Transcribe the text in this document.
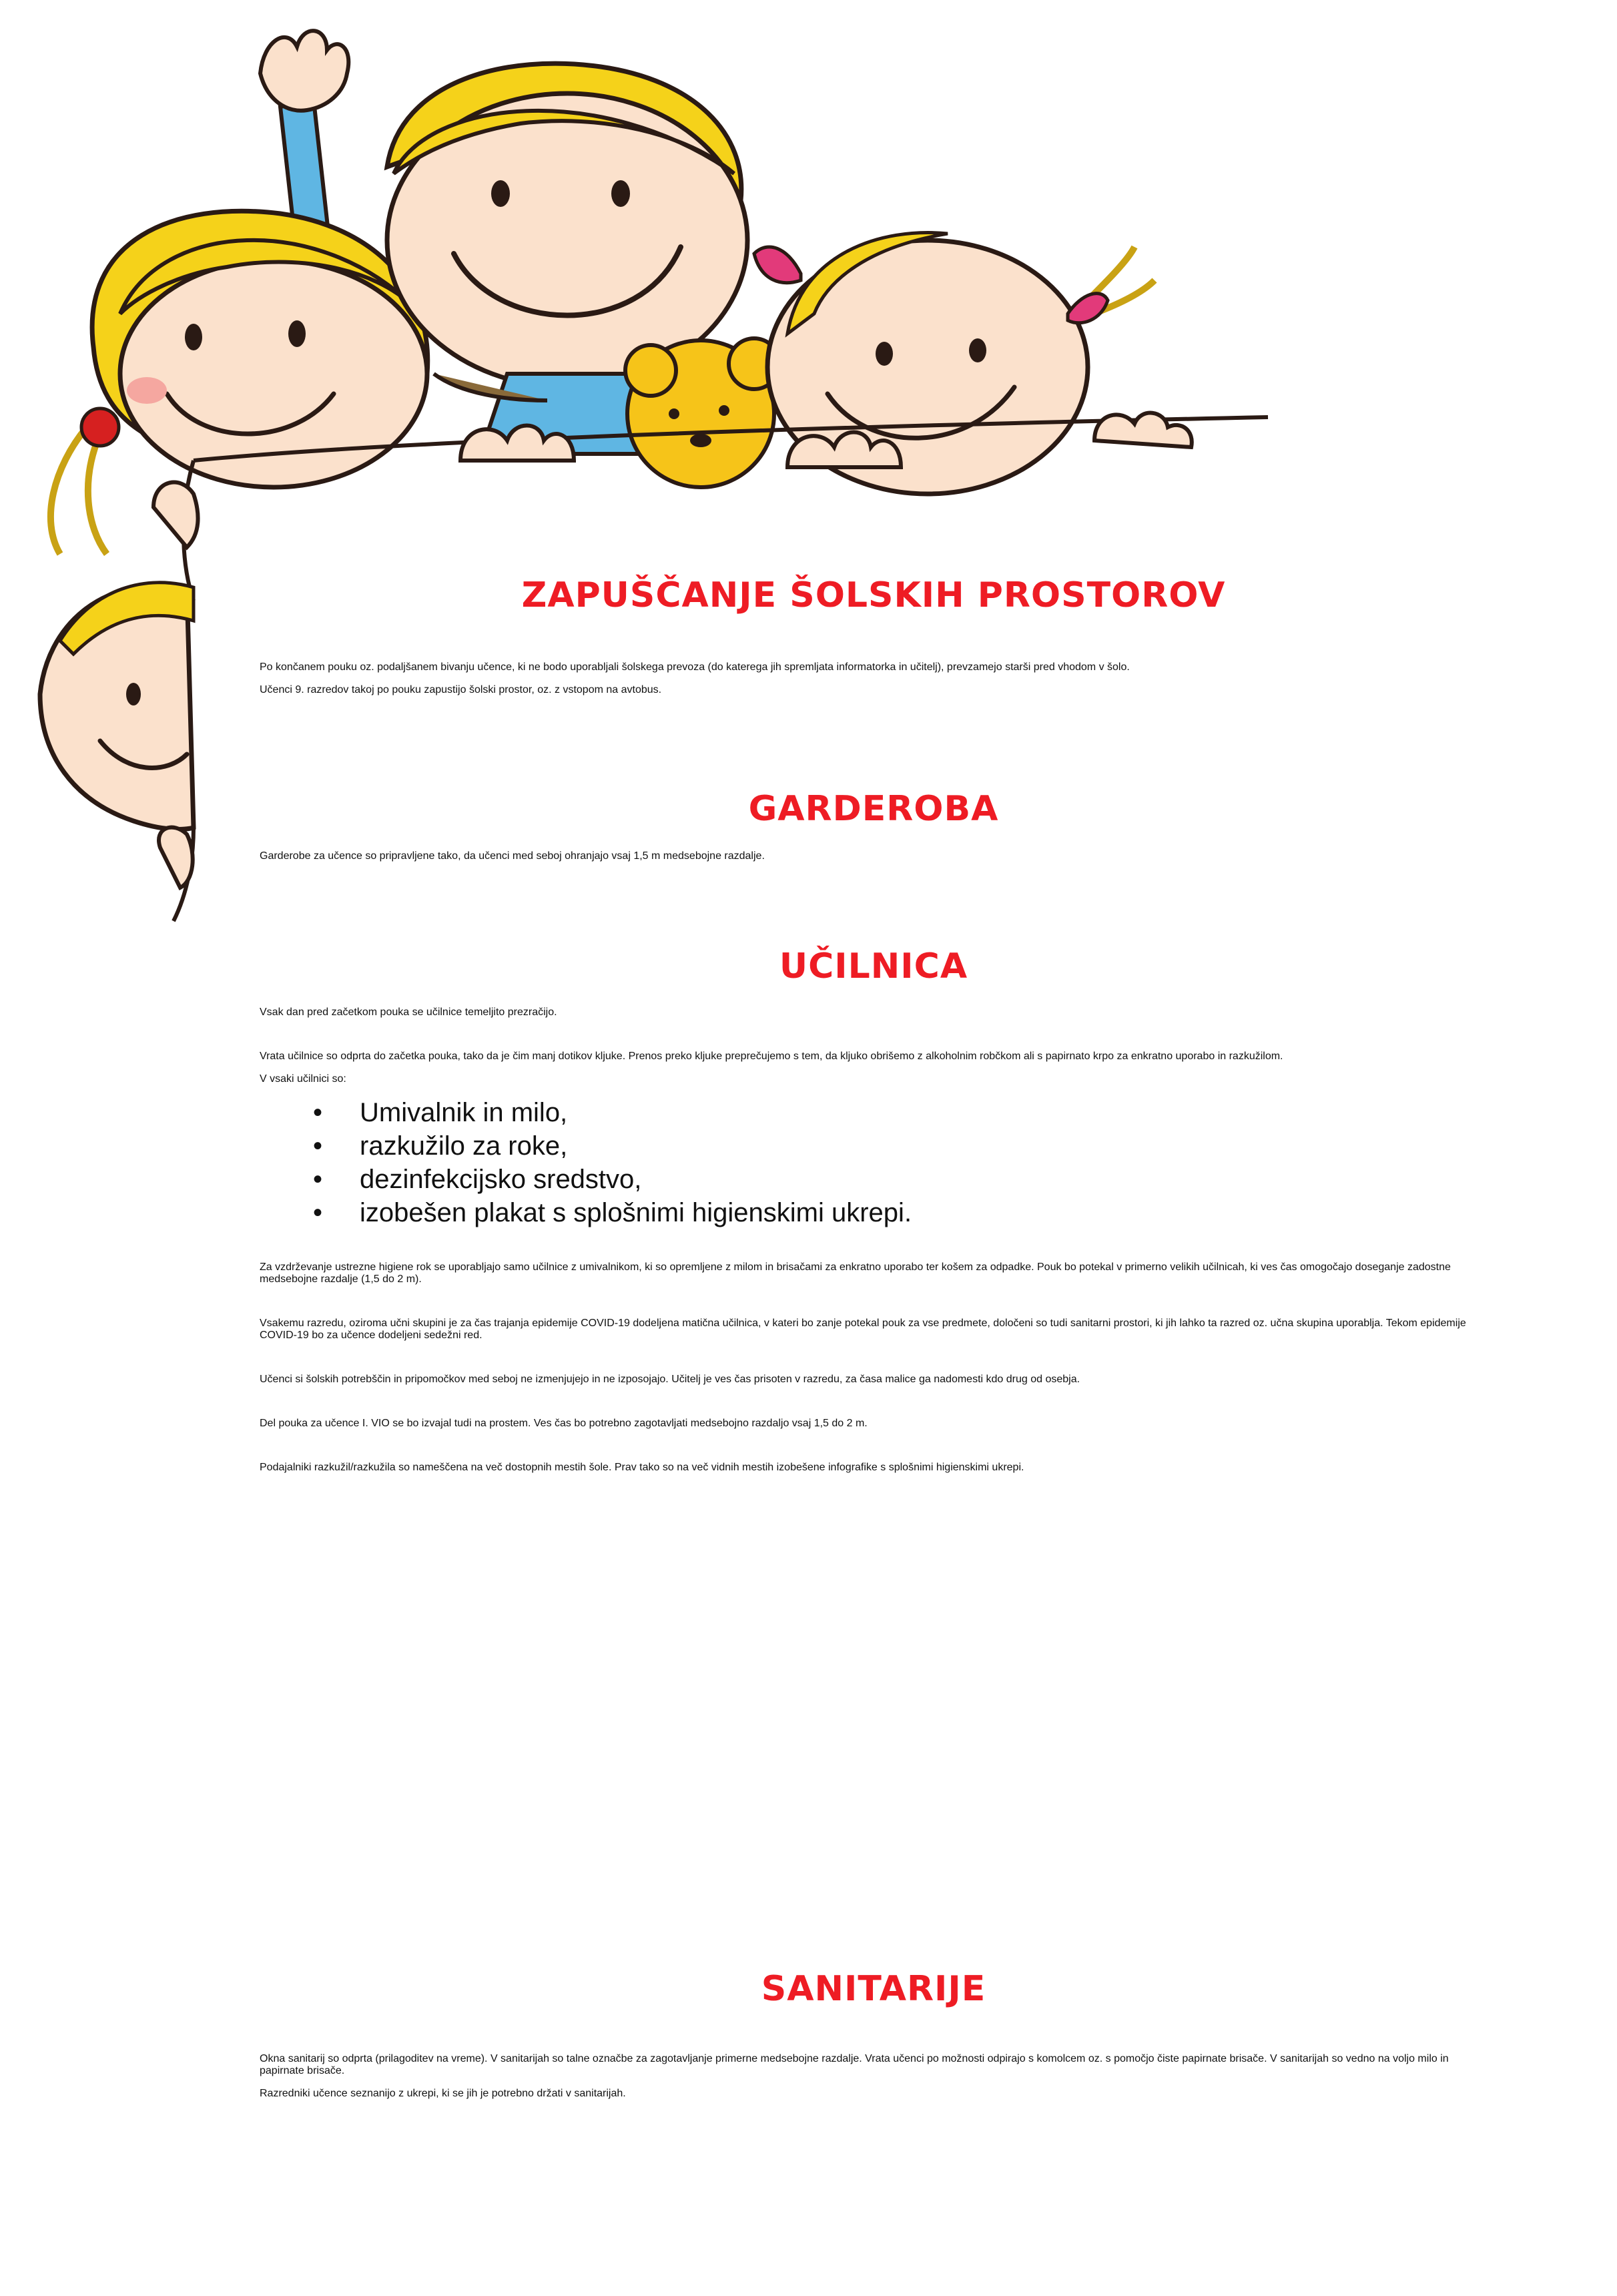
ZAPUŠČANJE ŠOLSKIH PROSTOROV

Po končanem pouku oz. podaljšanem bivanju učence, ki ne bodo uporabljali šolskega prevoza (do katerega jih spremljata informatorka in učitelj), prevzamejo starši pred vhodom v šolo.

Učenci 9. razredov takoj po pouku zapustijo šolski prostor, oz. z vstopom na avtobus.

GARDEROBA

Garderobe za učence so pripravljene tako, da učenci med seboj ohranjajo vsaj 1,5 m medsebojne razdalje.

UČILNICA

Vsak dan pred začetkom pouka se učilnice temeljito prezračijo.

Vrata učilnice so odprta do začetka pouka, tako da je čim manj dotikov kljuke. Prenos preko kljuke preprečujemo s tem, da kljuko obrišemo z alkoholnim robčkom ali s papirnato krpo za enkratno uporabo in razkužilom.

V vsaki učilnici so:

• Umivalnik in milo,
• razkužilo za roke,
• dezinfekcijsko sredstvo,
• izobešen plakat s splošnimi higienskimi ukrepi.

Za vzdrževanje ustrezne higiene rok se uporabljajo samo učilnice z umivalnikom, ki so opremljene z milom in brisačami za enkratno uporabo ter košem za odpadke. Pouk bo potekal v primerno velikih učilnicah, ki ves čas omogočajo doseganje zadostne medsebojne razdalje (1,5 do 2 m).

Vsakemu razredu, oziroma učni skupini je za čas trajanja epidemije COVID-19 dodeljena matična učilnica, v kateri bo zanje potekal pouk za vse predmete, določeni so tudi sanitarni prostori, ki jih lahko ta razred oz. učna skupina uporablja. Tekom epidemije COVID-19 bo za učence dodeljeni sedežni red.

Učenci si šolskih potrebščin in pripomočkov med seboj ne izmenjujejo in ne izposojajo. Učitelj je ves čas prisoten v razredu, za časa malice ga nadomesti kdo drug od osebja.

Del pouka za učence I. VIO se bo izvajal tudi na prostem. Ves čas bo potrebno zagotavljati medsebojno razdaljo vsaj 1,5 do 2 m.

Podajalniki razkužil/razkužila so nameščena na več dostopnih mestih šole. Prav tako so na več vidnih mestih izobešene infografike s splošnimi higienskimi ukrepi.

SANITARIJE

Okna sanitarij so odprta (prilagoditev na vreme). V sanitarijah so talne označbe za zagotavljanje primerne medsebojne razdalje. Vrata učenci po možnosti odpirajo s komolcem oz. s pomočjo čiste papirnate brisače. V sanitarijah so vedno na voljo milo in papirnate brisače.

Razredniki učence seznanijo z ukrepi, ki se jih je potrebno držati v sanitarijah.
